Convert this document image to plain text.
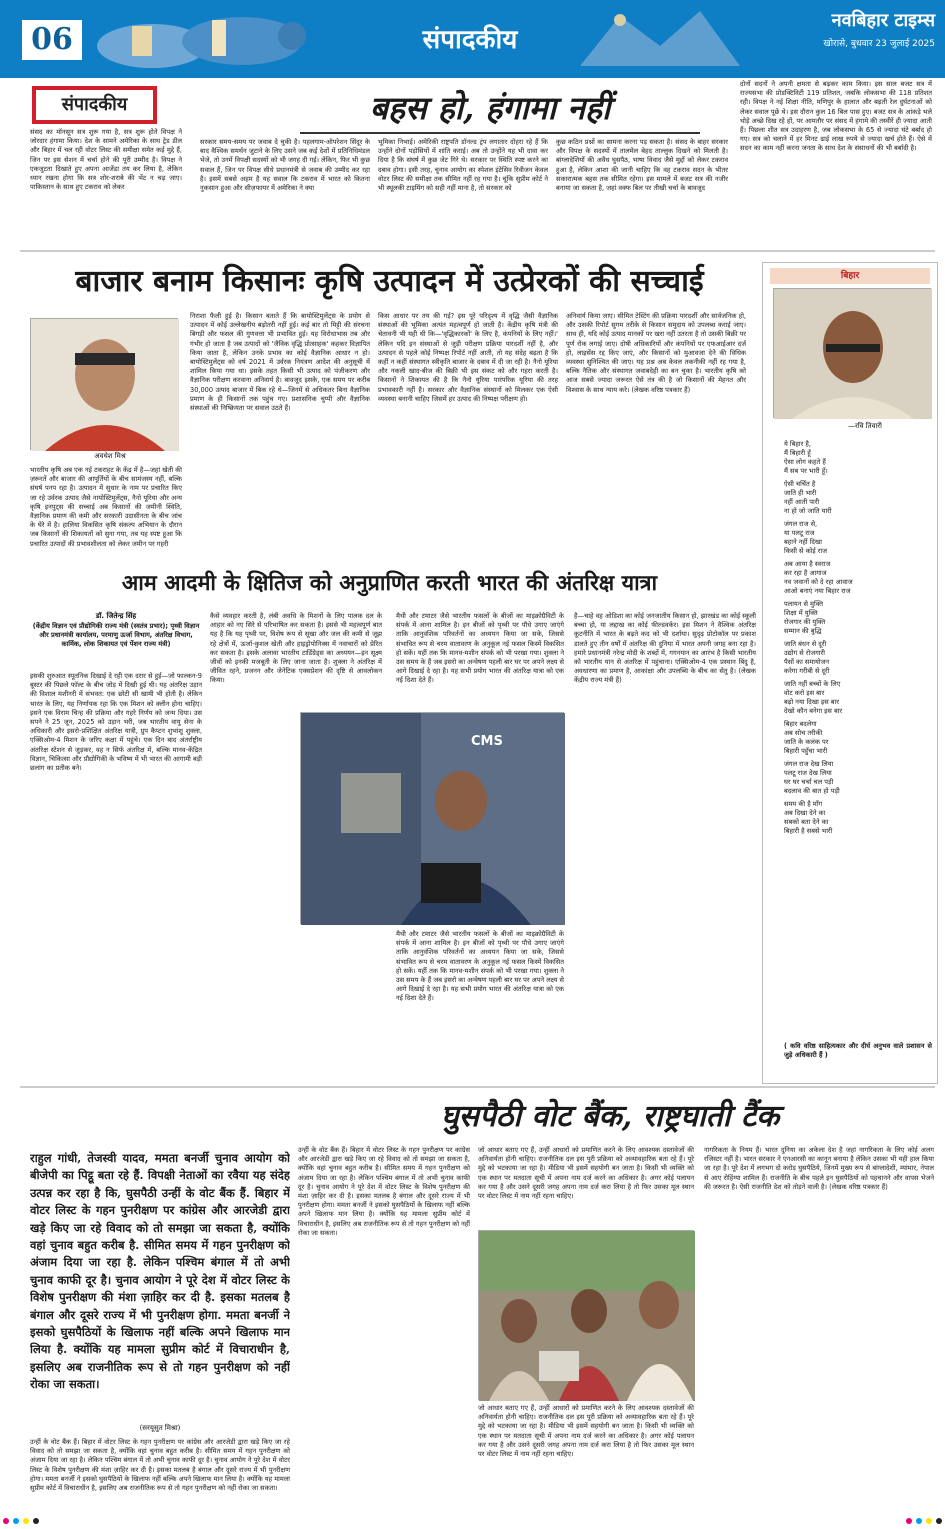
06	संपादकीय
नवबिहार टाइम्स
खोरासे, बुधवार 23 जुलाई 2025
संपादकीय	बहस हो, हंगामा नहीं
संसद का मॉनसून सत्र शुरू गया है, सत्र शुरू होते विपक्ष ने जोरदार हंगामा किया। देश के सामने अमेरिका के साथ ट्रेड डील और बिहार में चल रही वोटर लिस्ट की समीक्षा समेत कई मुद्दे हैं, जिन पर इस सेशन में चर्चा होने की पूरी उम्मीद है। विपक्ष ने एकजुटता दिखाते हुए अपना आजेंडा तय कर लिया है, लेकिन ध्यान रखना होगा कि सत्र शोर-शराबे की भेंट न चढ़ जाए। पाकिस्तान के साथ हुए टकराव को लेकर
सरकार समय-समय पर जवाब दे चुकी है। पहलगाम-ऑपरेशन सिंदूर के बाद वैश्विक समर्थन जुटाने के लिए उसने जब कई देशों में प्रतिनिधिमंडल भेजे, तो उनमें विपक्षी सदस्यों को भी जगह दी गई। लेकिन, फिर भी कुछ सवाल हैं, जिन पर विपक्ष सीधे प्रधानमंत्री से जवाब की उम्मीद कर रहा है। इसमें सबसे अहम है यह सवाल कि टकराव में भारत को कितना नुकसान हुआ और सीज़फायर में अमेरिका ने क्या
भूमिका निभाई। अमेरिकी राष्ट्रपति डॉनल्ड ट्रंप लगातार दोहरा रहे हैं कि उन्होंने दोनों पड़ोसियों में शांति कराई। अब तो उन्होंने यह भी दावा कर दिया है कि संघर्ष में कुछ जेट गिरे थे। सरकार पर स्थिति स्पष्ट करने का दबाव होगा। इसी तरह, चुनाव आयोग का स्पेशल इंटेसिव रिवीजन केवल वोटर लिस्ट की समीक्षा तक सीमित नहीं रह गया है। चूंकि सुप्रीम कोर्ट ने भी स्थूलकी टाइमिंग को सही नहीं माना है, तो सरकार को
कुछ कठिन प्रश्नों का सामना करना पड़ सकता है। संसद के बाहर सरकार और विपक्ष के सदस्यों में तालमेल बेहद ताल्लुक दिखने को मिलती है। बांग्लादेशियों की अवैध घुसपैठ, भाषा विवाद जैसे मुद्दों को लेकर टकराव हुआ है, लेकिन आशा की जानी चाहिए कि वह टकराव सदन के भीतर सकारात्मक बहस तक सीमित रहेगा। इस मामले में बजट सत्र की नजीर बनाया जा सकता है, जहां वक्फ बिल पर तीखी चर्चा के बावजूद
दोनों सदनों ने अपनी क्षमता से बढ़कर काम किया। इस साल बजट सत्र में राज्यसभा की प्रोडक्टिविटी 119 प्रतिशत, जबकि लोकसभा की 118 प्रतिशत रही। विपक्ष ने नई शिक्षा नीति, मणिपुर के हालात और बढ़ती रेल दुर्घटनाओं को लेकर सवाल पूछे थे। इस दौरान कुल 16 बिल पास हुए। बजट सत्र के आंकड़े भले थोड़े अच्छे दिख रहे हों, पर आमतौर पर संसद में हंगामे की तस्वीरें ही ज्यादा आती हैं। पिछला शीत सत्र उदाहरण है, जब लोकसभा के 65 से ज्यादा घंटे बर्बाद हो गए। सत्र को चलाने में हर मिनट ढाई लाख रुपये से ज्यादा खर्च होते हैं। ऐसे में सदन का काम नहीं करना जनता के साथ देश के संसाधनों की भी बर्बादी है।
बाजार बनाम किसानः कृषि उत्पादन में उत्प्रेरकों की सच्चाई
अवधेश मिश्र
भारतीय कृषि अब एक नई टकराहट के केंद्र में है—जहां खेती की ज़रूरतें और बाजार की आपूर्तियों के बीच सामंजस्य नहीं, बल्कि संघर्ष पनप रहा है। उत्पादन में सुधार के नाम पर प्रचारित किए जा रहे उर्वरक उत्पाद जैसे नायोस्टिमुलेंट्स, नैनो यूरिया और अन्य कृषि इनपुट्स की सच्चाई अब किसानों की जमीनी स्थिति, वैज्ञानिक प्रमाण की कमी और सरकारी उदासीनता के बीच जांच के घेरे में है। हालिया विकसित कृषि संकल्प अभियान के दौरान जब किसानों की शिकायतों को सुना गया, तब यह स्पष्ट हुआ कि प्रचारित उत्पादों की प्रभावशीलता को लेकर जमीन पर गहरी
निराशा फैली हुई है। किसान बताते हैं कि बायोस्टिमुलेंट्स के प्रयोग से उत्पादन में कोई उल्लेखनीय बढ़ोतरी नहीं हुई। कई बार तो मिट्टी की संरचना बिगड़ी और फसल की गुणवत्ता भी प्रभावित हुई। यह विरोधाभास तब और गंभीर हो जाता है जब उत्पादों को 'जैविक वृद्धि प्रोत्साहक' कहकर विज्ञापित किया जाता है, लेकिन उनके प्रभाव का कोई वैज्ञानिक आधार न हो। बायोस्टिमुलेंट्स को वर्ष 2021 में उर्वरक नियंत्रण आदेश की अनुसूची में शामिल किया गया था। इसके तहत किसी भी उत्पाद को पंजीकरण और वैज्ञानिक परीक्षण करवाना अनिवार्य है। बावजूद इसके, एक समय पर करीब 30,000 उत्पाद बाजार में बिक रहे थे—जिनमें से अधिकतर बिना वैज्ञानिक प्रमाण के ही किसानों तक पहुंच गए। प्रशासनिक चुप्पी और वैज्ञानिक संस्थाओं की निष्क्रियता पर सवाल उठते हैं।
किस आधार पर तय की गई? इस पूरे परिदृश्य में वृद्धि जैसी वैज्ञानिक संस्थाओं की भूमिका अत्यंत महत्वपूर्ण हो जाती है। केंद्रीय कृषि मंत्री की चेतावनी भी यही थी कि—'वृद्धिकारकों' के लिए है, कंपनियों के लिए नहीं।' लेकिन यदि इन संस्थाओं से जुड़ी परीक्षण प्रक्रिया पारदर्शी नहीं है, और उत्पादन से पहले कोई निष्पक्ष रिपोर्ट नहीं आती, तो यह संदेह बढ़ता है कि कहीं न कहीं संस्थागत स्वीकृति बाजार के दबाव में दी जा रही है। नैनो यूरिया और नकली खाद-बीज की बिक्री भी इस संकट को और गहरा करती है। किसानों ने शिकायत की है कि नैनो यूरिया पारंपरिक यूरिया की तरह प्रभावकारी नहीं है। सरकार और वैज्ञानिक संस्थानों को मिलकर एक ऐसी व्यवस्था बनानी चाहिए जिसमें हर उत्पाद की निष्पक्ष परीक्षण हो।
अनिवार्य किया जाए। सीमित टेस्टिंग की प्रक्रिया पारदर्शी और सार्वजनिक हो, और उसकी रिपोर्ट सुगम तरीके से किसान समुदाय को उपलब्ध कराई जाए। साथ ही, यदि कोई उत्पाद मानकों पर खरा नहीं उतरता है तो उसकी बिक्री पर पूर्ण रोक लगाई जाए। दोषी अधिकारियों और कंपनियों पर एफआईआर दर्ज हो, लाइसेंस रद्द किए जाएं, और किसानों को मुआवजा देने की विधिक व्यवस्था सुनिश्चित की जाए। यह प्रश्न अब केवल तकनीकी नहीं रह गया है, बल्कि नैतिक और संस्थागत जवाबदेही का बन चुका है। भारतीय कृषि को आज सबसे ज्यादा जरूरत ऐसे तंत्र की है जो किसानों की मेहनत और विश्वास के साथ न्याय करे। (लेखक वरिष्ठ पत्रकार हैं)
बिहार
—रवि तिवारी

ये बिहार है,
मैं बिहारी हूँ
ऐसा लोग कहते हैं
मैं सब पर भारी हूँ।

ऐसी चर्चित है
जाति ही भारी
नहीं आती पारी
ना हो जो जाति यारी

जंगल राज से,
या पलटू राज
बहाने नहीं दिखा
किसी से कोई राज

अब आया है स्वराज
कर रहा है आगाज
नव जवानों को दे रहा आवाज
आओ बनाएं नया बिहार राज

पलायन से मुक्ति
शिक्षा में युक्ति
रोजगार की युक्ति
सम्मान की बुद्धि

जाति बंधन से दूरी
उद्योग से रोजगारी
पैसों का समायोजन
करेगा गरीबी से दूरी

जाति नहीं बच्चों के लिए
वोट करो इस बार
बढ़ो नया दिखा इस बार
देखो कौन बनेगा इस बार

बिहार बदलेगा
अब सोच तरीकी
जाति के कलंक पर
बिहारी पहुँचा भारी

जंगल राज देख लिया
पलटू राज देख लिया
घर घर चर्चा चल पड़ी
बदलाव की बात हो पड़ी

समय की है माँग
अब दिखा देने का
सबको बता देने का
बिहारी है सबसे भारी

( कवि वरिष्ठ साहित्यकार और दीर्घ अनुभव वाले प्रशासन से जुड़े अधिकारी हैं )
आम आदमी के क्षितिज को अनुप्राणित करती भारत की अंतरिक्ष यात्रा
डॉ. जितेन्द्र सिंह
(केंद्रीय विज्ञान एवं प्रौद्योगिकी राज्य मंत्री (स्वतंत्र प्रभार); पृथ्वी विज्ञान और प्रधानमंत्री कार्यालय, परमाणु ऊर्जा विभाग, अंतरिक्ष विभाग, कार्मिक, लोक शिकायत एवं पेंशन राज्य मंत्री)
इसकी शुरुआत स्पूतनिक दिखाई दे रही एक दरार से हुई—जो फाल्कन-9 बूस्टर की पिछले फॉल्ट के बीच जोड़ में दिखी हुई थी। यह अंतरिक्ष उड़ान की विशाल मशीनरी में संभवत: एक छोटी सी खामी भी होती है। लेकिन भारत के लिए, यह निर्णायक रहा कि एक मिशन को क्लीन होना चाहिए। इसने एक विराम चिन्ह की प्रक्रिया और गहरे निर्णय को जन्म दिया। उस सपने ने 25 जून, 2025 को उड़ान भरी, जब भारतीय वायु सेना के अधिकारी और इसरो-प्रशिक्षित अंतरिक्ष यात्री, ग्रुप कैप्टन शुभांशु शुक्ला, एक्सिओम-4 मिशन के जरिए कक्षा में पहुंचे। एक दिन बाद अंतर्राष्ट्रीय अंतरिक्ष स्टेशन से जुड़कर, वह न सिर्फ अंतरिक्ष में, बल्कि मानव-केंद्रित विज्ञान, चिकित्सा और प्रौद्योगिकी के भविष्य में भी भारत की आगामी बड़ी छलांग का प्रतीक बने।
कैसे व्यवहार करती है, लंबी अवधि के मिशनों के लिए पालक दल के आहार को नए सिरे से परिभाषित कर सकता है। इससे भी महत्वपूर्ण बात यह है कि यह पृथ्वी पर, विशेष रूप से सूखा और जल की कमी से जूझ रहे क्षेत्रों में, ऊर्जा-कुशल खेती और हाइड्रोपोनिक्स में नवाचारों को प्रेरित कर सकता है। इसके अलावा भारतीय टार्डिग्रेड्स का अध्ययन—इन सूक्ष्म जीवों को इनकी मजबूती के लिए जाना जाता है। शुक्ला ने अंतरिक्ष में जीवित रहने, प्रजनन और जेनेटिक एक्सप्रेशन की दृष्टि से आवलोकन किया।
मैथी और टमाटर जैसे भारतीय फसलों के बीजों का माइक्रोग्रैविटी के संपर्क में आना शामिल है। इन बीजों को पृथ्वी पर पौधे उगाए जाएंगे ताकि आनुवंशिक परिवर्तनों का अध्ययन किया जा सके, जिससे संभावित रूप से चरम वातावरण के अनुकूल नई फसल किस्में विकसित हो सकें। यहीं तक कि मानव-मशीन संपर्क को भी परखा गया। शुक्ला ने उस समय के हैं जब इसरो का अन्वेषण पहली बार घर पर अपने लक्ष्य से आगे दिखाई दे रहा है। यह सभी प्रयोग भारत की अंतरिक्ष यात्रा को एक नई दिशा देते हैं।
मैथी और टमाटर जैसे भारतीय फसलों के बीजों का माइक्रोग्रैविटी के संपर्क में आना शामिल है। इन बीजों को पृथ्वी पर पौधे उगाए जाएंगे ताकि आनुवंशिक परिवर्तनों का अध्ययन किया जा सके, जिससे संभावित रूप से चरम वातावरण के अनुकूल नई फसल किस्में विकसित हो सकें। यहीं तक कि मानव-मशीन संपर्क को भी परखा गया। शुक्ला ने उस समय के हैं जब इसरो का अन्वेषण पहली बार घर पर अपने लक्ष्य से आगे दिखाई दे रहा है। यह सभी प्रयोग भारत की अंतरिक्ष यात्रा को एक नई दिशा देते हैं।
है—चाहे वह ओडिशा का कोई जनजातीय किसान हो, झारखंड का कोई स्कूली बच्चा हो, या लद्दाख का कोई फील्डवर्कर। इस मिशन ने वैश्विक अंतरिक्ष कूटनीति में भारत के बढ़ते कद को भी दर्शाया। सुदृढ़ प्रोटोकॉल पर प्रकाश डालते हुए तीन वर्षों में अंतरिक्ष की दुनिया में भारत अपनी जगह बना रहा है। हमारे प्रधानमंत्री नरेन्द्र मोदी के शब्दों में, गगनयान का आरंभ है किसी भारतीय को भारतीय यान से अंतरिक्ष में पहुंचाना। एक्सिओम-4 एक प्रस्थान बिंदु है, अवधारणा का प्रमाण है, आकांक्षा और उपलब्धि के बीच का सेतु है। (लेखक केंद्रीय राज्य मंत्री हैं)
CMS
घुसपैठी वोट बैंक, राष्ट्रघाती टैंक
राहुल गांधी, तेजस्वी यादव, ममता बनर्जी चुनाव आयोग को बीजेपी का पिट्ठू बता रहे हैं. विपक्षी नेताओं का रवैया यह संदेह उत्पन्न कर रहा है कि, घुसपैठी उन्हीं के वोट बैंक हैं. बिहार में वोटर लिस्ट के गहन पुनरीक्षण पर कांग्रेस और आरजेडी द्वारा खड़े किए जा रहे विवाद को तो समझा जा सकता है, क्योंकि वहां चुनाव बहुत करीब है. सीमित समय में गहन पुनरीक्षण को अंजाम दिया जा रहा है. लेकिन पश्चिम बंगाल में तो अभी चुनाव काफी दूर है। चुनाव आयोग ने पूरे देश में वोटर लिस्ट के विशेष पुनरीक्षण की मंशा ज़ाहिर कर दी है. इसका मतलब है बंगाल और दूसरे राज्य में भी पुनरीक्षण होगा. ममता बनर्जी ने इसको घुसपैठियों के खिलाफ नहीं बल्कि अपने खिलाफ मान लिया है. क्योंकि यह मामला सुप्रीम कोर्ट में विचाराधीन है, इसलिए अब राजनीतिक रूप से तो गहन पुनरीक्षण को नहीं रोका जा सकता।
(सरयूसुत मिश्रा)
उन्हीं के वोट बैंक हैं। बिहार में वोटर लिस्ट के गहन पुनरीक्षण पर कांग्रेस और आरजेडी द्वारा खड़े किए जा रहे विवाद को तो समझा जा सकता है, क्योंकि वहां चुनाव बहुत करीब है। सीमित समय में गहन पुनरीक्षण को अंजाम दिया जा रहा है। लेकिन पश्चिम बंगाल में तो अभी चुनाव काफी दूर है। चुनाव आयोग ने पूरे देश में वोटर लिस्ट के विशेष पुनरीक्षण की मंशा ज़ाहिर कर दी है। इसका मतलब है बंगाल और दूसरे राज्य में भी पुनरीक्षण होगा। ममता बनर्जी ने इसको घुसपैठियों के खिलाफ नहीं बल्कि अपने खिलाफ मान लिया है। क्योंकि यह मामला सुप्रीम कोर्ट में विचाराधीन है, इसलिए अब राजनीतिक रूप से तो गहन पुनरीक्षण को नहीं रोका जा सकता।
उन्हीं के वोट बैंक हैं। बिहार में वोटर लिस्ट के गहन पुनरीक्षण पर कांग्रेस और आरजेडी द्वारा खड़े किए जा रहे विवाद को तो समझा जा सकता है, क्योंकि वहां चुनाव बहुत करीब है। सीमित समय में गहन पुनरीक्षण को अंजाम दिया जा रहा है। लेकिन पश्चिम बंगाल में तो अभी चुनाव काफी दूर है। चुनाव आयोग ने पूरे देश में वोटर लिस्ट के विशेष पुनरीक्षण की मंशा ज़ाहिर कर दी है। इसका मतलब है बंगाल और दूसरे राज्य में भी पुनरीक्षण होगा। ममता बनर्जी ने इसको घुसपैठियों के खिलाफ नहीं बल्कि अपने खिलाफ मान लिया है। क्योंकि यह मामला सुप्रीम कोर्ट में विचाराधीन है, इसलिए अब राजनीतिक रूप से तो गहन पुनरीक्षण को नहीं रोका जा सकता।
जो आधार बताए गए हैं, उन्हीं आधारों को प्रमाणित करने के लिए आवश्यक दस्तावेजों की अनिवार्यता होनी चाहिए। राजनीतिक दल इस पूरी प्रक्रिया को अव्यावहारिक बता रहे हैं। पूरे मुद्दे को भटकाया जा रहा है। मीडिया भी इसमें सहयोगी बन जाता है। किसी भी व्यक्ति को एक स्थान पर मतदाता सूची में अपना नाम दर्ज करने का अधिकार है। अगर कोई पलायन कर गया है और उसने दूसरी जगह अपना नाम दर्ज करा लिया है तो फिर उसका मूल स्थान पर वोटर लिस्ट में नाम नहीं रहना चाहिए।
जो आधार बताए गए हैं, उन्हीं आधारों को प्रमाणित करने के लिए आवश्यक दस्तावेजों की अनिवार्यता होनी चाहिए। राजनीतिक दल इस पूरी प्रक्रिया को अव्यावहारिक बता रहे हैं। पूरे मुद्दे को भटकाया जा रहा है। मीडिया भी इसमें सहयोगी बन जाता है। किसी भी व्यक्ति को एक स्थान पर मतदाता सूची में अपना नाम दर्ज करने का अधिकार है। अगर कोई पलायन कर गया है और उसने दूसरी जगह अपना नाम दर्ज करा लिया है तो फिर उसका मूल स्थान पर वोटर लिस्ट में नाम नहीं रहना चाहिए।
नागरिकता के नियम हैं। भारत दुनिया का अकेला देश है जहां नागरिकता के लिए कोई अलग रजिस्टर नहीं है। भारत सरकार ने एनआरसी का कानून बनाया है लेकिन उसका भी यही हाल किया जा रहा है। पूरे देश में लगभग दो करोड़ घुसपैठिये, जिनमें मुख्य रूप से बांग्लादेशी, म्यांमार, नेपाल से आए रोहिंग्या शामिल हैं। राजनीति के बीच पहले इन घुसपैठियों को पहचानने और वापस भेजने की जरूरत है। ऐसी राजनीति देश को तोड़ने वाली है। (लेखक वरिष्ठ पत्रकार हैं)
